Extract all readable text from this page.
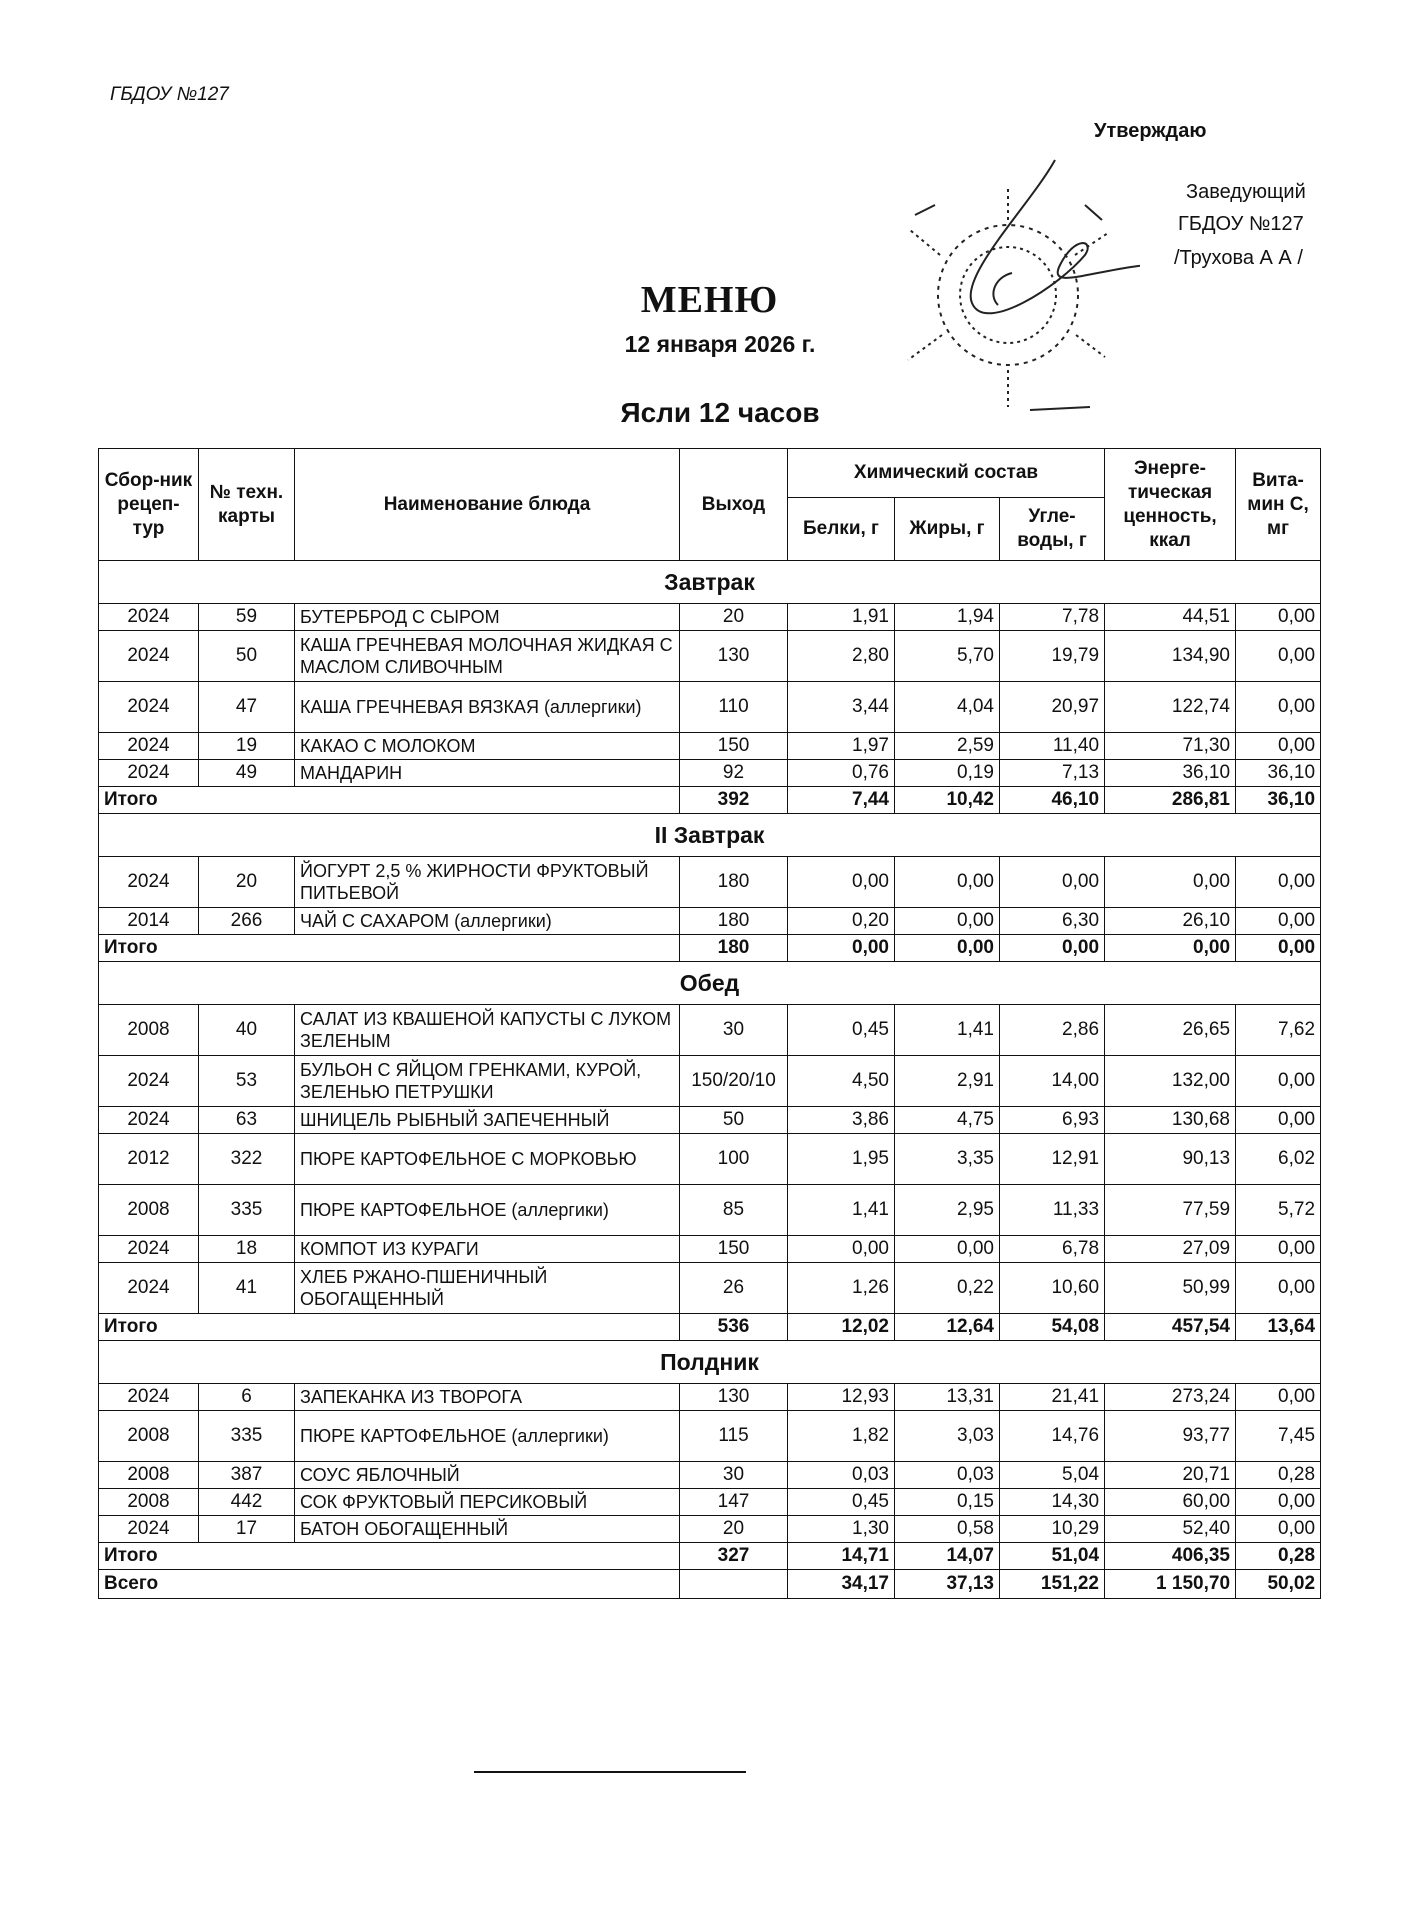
ГБДОУ №127
Утверждаю
Заведующий
ГБДОУ №127
/Трухова А А /
МЕНЮ
12 января 2026 г.
Ясли 12 часов
Сбор-ник рецеп-тур	№ техн. карты	Наименование блюда	Выход	Химический состав			Энерге-тическая ценность, ккал	Вита-мин С, мг
				Белки, г	Жиры, г	Угле-воды, г		
Завтрак								
2024	59	БУТЕРБРОД С СЫРОМ	20	1,91	1,94	7,78	44,51	0,00
2024	50	КАША ГРЕЧНЕВАЯ МОЛОЧНАЯ ЖИДКАЯ С МАСЛОМ СЛИВОЧНЫМ	130	2,80	5,70	19,79	134,90	0,00
2024	47	КАША ГРЕЧНЕВАЯ ВЯЗКАЯ (аллергики)	110	3,44	4,04	20,97	122,74	0,00
2024	19	КАКАО С МОЛОКОМ	150	1,97	2,59	11,40	71,30	0,00
2024	49	МАНДАРИН	92	0,76	0,19	7,13	36,10	36,10
Итого			392	7,44	10,42	46,10	286,81	36,10
II Завтрак								
2024	20	ЙОГУРТ 2,5 % ЖИРНОСТИ ФРУКТОВЫЙ ПИТЬЕВОЙ	180	0,00	0,00	0,00	0,00	0,00
2014	266	ЧАЙ С САХАРОМ (аллергики)	180	0,20	0,00	6,30	26,10	0,00
Итого			180	0,00	0,00	0,00	0,00	0,00
Обед								
2008	40	САЛАТ ИЗ КВАШЕНОЙ КАПУСТЫ С ЛУКОМ ЗЕЛЕНЫМ	30	0,45	1,41	2,86	26,65	7,62
2024	53	БУЛЬОН С ЯЙЦОМ ГРЕНКАМИ, КУРОЙ, ЗЕЛЕНЬЮ ПЕТРУШКИ	150/20/10	4,50	2,91	14,00	132,00	0,00
2024	63	ШНИЦЕЛЬ РЫБНЫЙ ЗАПЕЧЕННЫЙ	50	3,86	4,75	6,93	130,68	0,00
2012	322	ПЮРЕ КАРТОФЕЛЬНОЕ С МОРКОВЬЮ	100	1,95	3,35	12,91	90,13	6,02
2008	335	ПЮРЕ КАРТОФЕЛЬНОЕ (аллергики)	85	1,41	2,95	11,33	77,59	5,72
2024	18	КОМПОТ ИЗ КУРАГИ	150	0,00	0,00	6,78	27,09	0,00
2024	41	ХЛЕБ РЖАНО-ПШЕНИЧНЫЙ ОБОГАЩЕННЫЙ	26	1,26	0,22	10,60	50,99	0,00
Итого			536	12,02	12,64	54,08	457,54	13,64
Полдник								
2024	6	ЗАПЕКАНКА ИЗ ТВОРОГА	130	12,93	13,31	21,41	273,24	0,00
2008	335	ПЮРЕ КАРТОФЕЛЬНОЕ (аллергики)	115	1,82	3,03	14,76	93,77	7,45
2008	387	СОУС ЯБЛОЧНЫЙ	30	0,03	0,03	5,04	20,71	0,28
2008	442	СОК ФРУКТОВЫЙ ПЕРСИКОВЫЙ	147	0,45	0,15	14,30	60,00	0,00
2024	17	БАТОН ОБОГАЩЕННЫЙ	20	1,30	0,58	10,29	52,40	0,00
Итого			327	14,71	14,07	51,04	406,35	0,28
Всего				34,17	37,13	151,22	1 150,70	50,02
